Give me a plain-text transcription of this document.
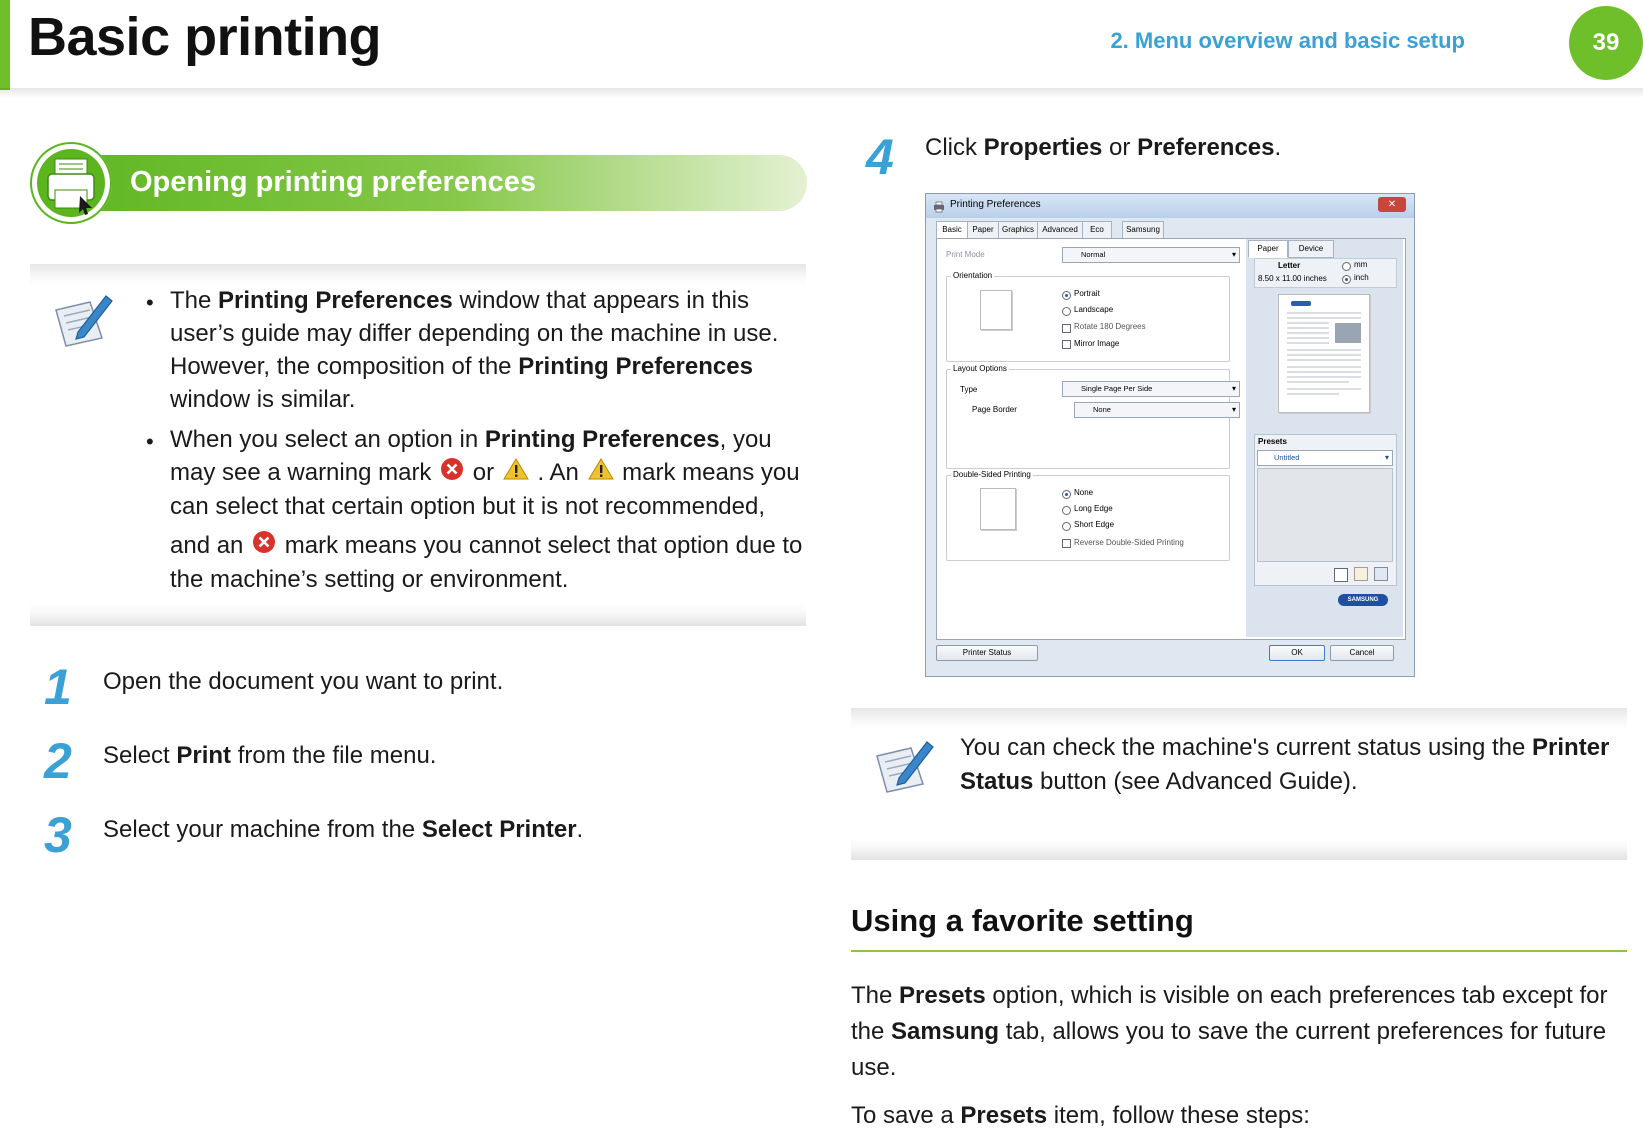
Basic printing	2. Menu overview and basic setup	39
Opening printing preferences
• The Printing Preferences window that appears in this user’s guide may differ depending on the machine in use. However, the composition of the Printing Preferences window is similar.
• When you select an option in Printing Preferences, you may see a warning mark  or  . An  mark means you can select that certain option but it is not recommended,
and an  mark means you cannot select that option due to the machine’s setting or environment.
1 Open the document you want to print.
2 Select Print from the file menu.
3 Select your machine from the Select Printer.
4 Click Properties or Preferences.
Printing Preferences	✕
Basic	Paper	Graphics	Advanced	Eco	Samsung
Print Mode	Normal ▾
Orientation
Portrait
Landscape
Rotate 180 Degrees
Mirror Image
Layout Options
Type	Single Page Per Side ▾
Page Border	None ▾
Double-Sided Printing
None
Long Edge
Short Edge
Reverse Double-Sided Printing
Paper	Device
Letter
8.50 x 11.00 inches
mm
inch
Presets
Untitled ▾
SAMSUNG
Printer Status	OK	Cancel
You can check the machine's current status using the Printer Status button (see Advanced Guide).
Using a favorite setting
The Presets option, which is visible on each preferences tab except for the Samsung tab, allows you to save the current preferences for future use.
To save a Presets item, follow these steps:
